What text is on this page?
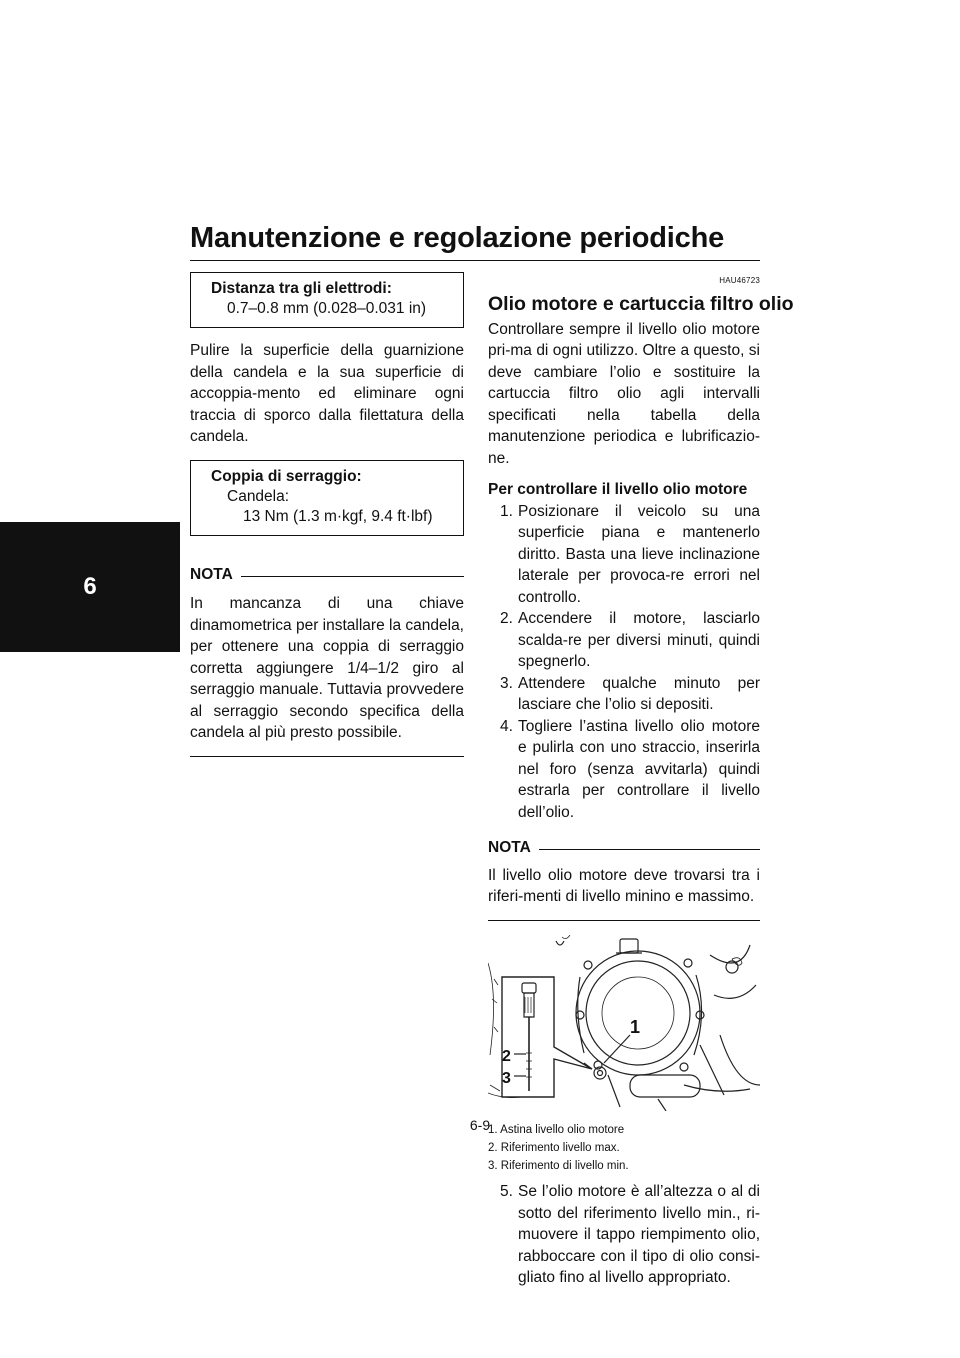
Manutenzione e regolazione periodiche
6
Distanza tra gli elettrodi:
0.7–0.8 mm (0.028–0.031 in)

Pulire la superficie della guarnizione della candela e la sua superficie di accoppia-mento ed eliminare ogni traccia di sporco dalla filettatura della candela.

Coppia di serraggio:
Candela:
13 Nm (1.3 m·kgf, 9.4 ft·lbf)
NOTA

In mancanza di una chiave dinamometrica per installare la candela, per ottenere una coppia di serraggio corretta aggiungere 1/4–1/2 giro al serraggio manuale. Tuttavia provvedere al serraggio secondo specifica della candela al più presto possibile.

HAU46723
Olio motore e cartuccia filtro olio

Controllare sempre il livello olio motore pri-ma di ogni utilizzo. Oltre a questo, si deve cambiare l’olio e sostituire la cartuccia filtro olio agli intervalli specificati nella tabella della manutenzione periodica e lubrificazio-ne.

Per controllare il livello olio motore
1. Posizionare il veicolo su una superficie piana e mantenerlo diritto. Basta una lieve inclinazione laterale per provoca-re errori nel controllo.
2. Accendere il motore, lasciarlo scalda-re per diversi minuti, quindi spegnerlo.
3. Attendere qualche minuto per lasciare che l’olio si depositi.
4. Togliere l’astina livello olio motore e pulirla con uno straccio, inserirla nel foro (senza avvitarla) quindi estrarla per controllare il livello dell’olio.
NOTA

Il livello olio motore deve trovarsi tra i riferi-menti di livello minino e massimo.

2
3
1
1. Astina livello olio motore
2. Riferimento livello max.
3. Riferimento di livello min.
5. Se l’olio motore è all’altezza o al di sotto del riferimento livello min., ri-muovere il tappo riempimento olio, rabboccare con il tipo di olio consi-gliato fino al livello appropriato.
6-9
